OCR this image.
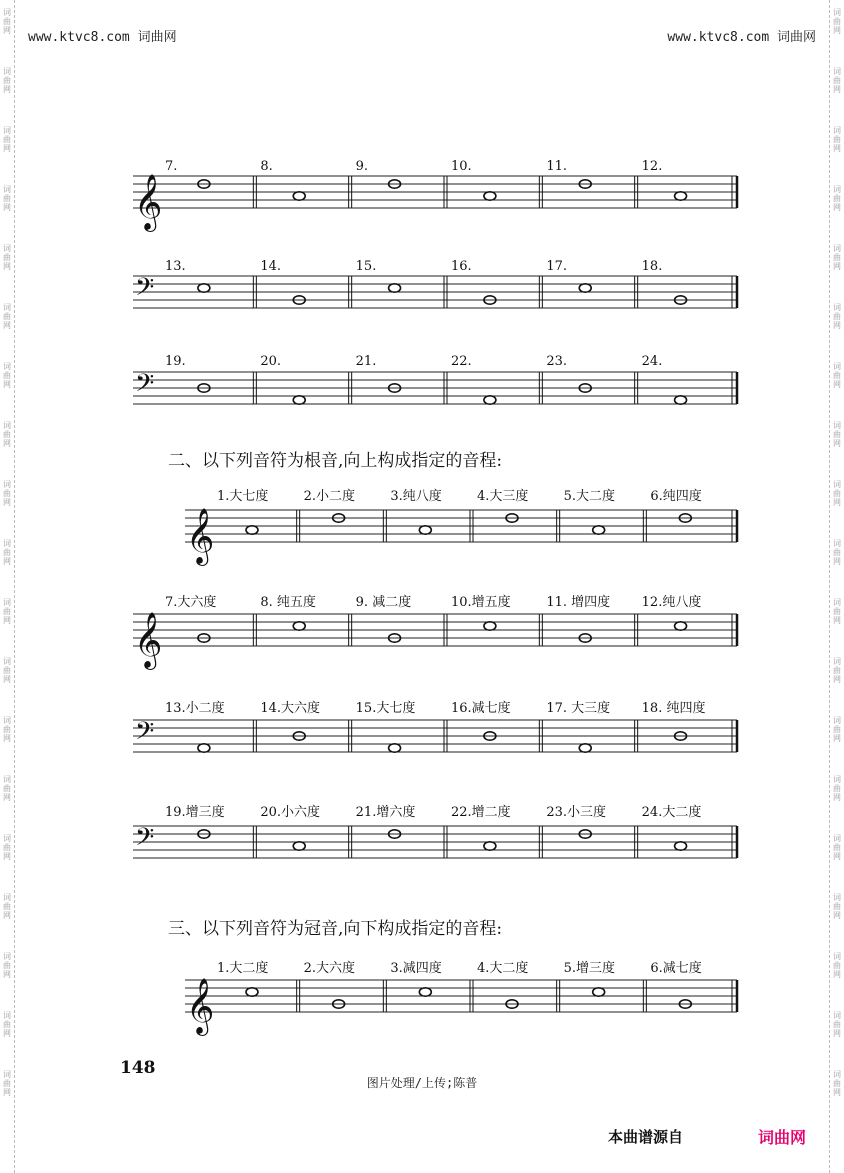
词
曲
网
词
曲
网
词
曲
网
词
曲
网
词
曲
网
词
曲
网
词
曲
网
词
曲
网
词
曲
网
词
曲
网
词
曲
网
词
曲
网
词
曲
网
词
曲
网
词
曲
网
词
曲
网
词
曲
网
词
曲
网
词
曲
网
词
曲
网
词
曲
网
词
曲
网
词
曲
网
词
曲
网
词
曲
网
词
曲
网
词
曲
网
词
曲
网
词
曲
网
词
曲
网
词
曲
网
词
曲
网
词
曲
网
词
曲
网
词
曲
网
词
曲
网
词
曲
网
词
曲
网
www.ktvc8.com 词曲网	www.ktvc8.com 词曲网
二、以下列音符为根音,向上构成指定的音程:
三、以下列音符为冠音,向下构成指定的音程:
𝄞
7.	8.	9.	10.	11.	12.
𝄢
13.	14.	15.	16.	17.	18.
𝄢
19.	20.	21.	22.	23.	24.
𝄞
1.大七度	2.小二度	3.纯八度	4.大三度	5.大二度	6.纯四度
𝄞
7.大六度	8. 纯五度	9. 减二度	10.增五度	11. 增四度 12.纯八度
𝄢
13.小二度	14.大六度	15.大七度	16.减七度	17. 大三度 18. 纯四度
𝄢
19.增三度	20.小六度	21.增六度	22.增二度	23.小三度	24.大二度
𝄞
1.大二度	2.大六度	3.减四度	4.大二度	5.增三度	6.减七度
148
图片处理/上传;陈普
本曲谱源自	词曲网
